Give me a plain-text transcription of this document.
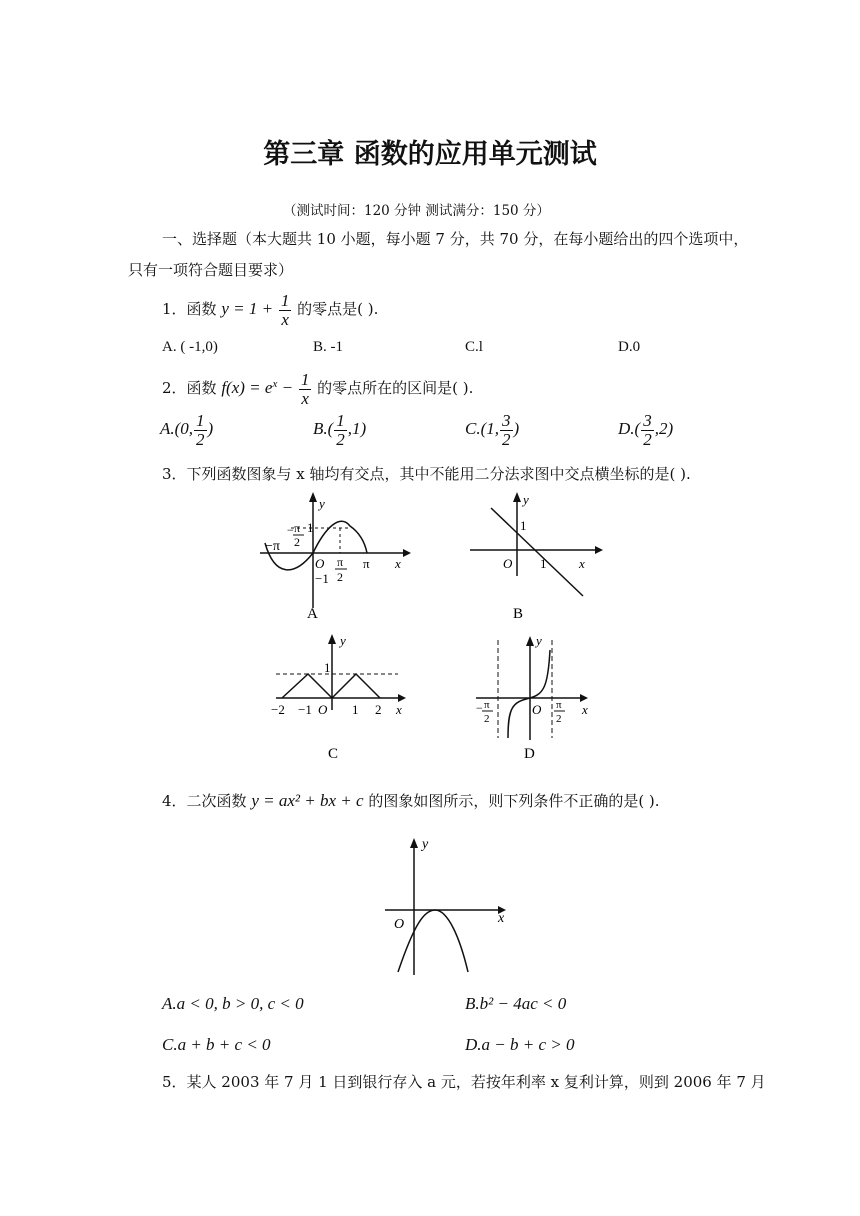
第三章 函数的应用单元测试
（测试时间：120 分钟 测试满分：150 分）
一、选择题（本大题共 10 小题，每小题 7 分，共 70 分，在每小题给出的四个选项中，
只有一项符合题目要求）
1．函数 $y = 1 + \frac{1}{x}$ 的零点是( ).
A. ( -1,0)	B. -1	C.l	D.0
2．函数 $f(x) = e^x - \frac{1}{x}$ 的零点所在的区间是( ).
A.(0, $\frac{1}{2}$ )	$B.( \frac{1}{2} ,1)$	C.(1, $\frac{3}{2}$ )	$D.( \frac{3}{2} ,2)$
3．下列函数图象与 x 轴均有交点，其中不能用二分法求图中交点横坐标的是( ).
−π
− π
2
1
y
x
O π
2
−1
π
A
y
1
O 1	x
B
y
1
−2 −1 O 1 2 x
C
y
− π
2
O π
2
x
D
4．二次函数 y = ax² + bx + c 的图象如图所示，则下列条件不正确的是( ).
y
O	x
A.a < 0, b > 0, c < 0	B.b² − 4ac < 0
C.a + b + c < 0	D.a − b + c > 0
5．某人 2003 年 7 月 1 日到银行存入 a 元，若按年利率 x 复利计算，则到 2006 年 7 月
